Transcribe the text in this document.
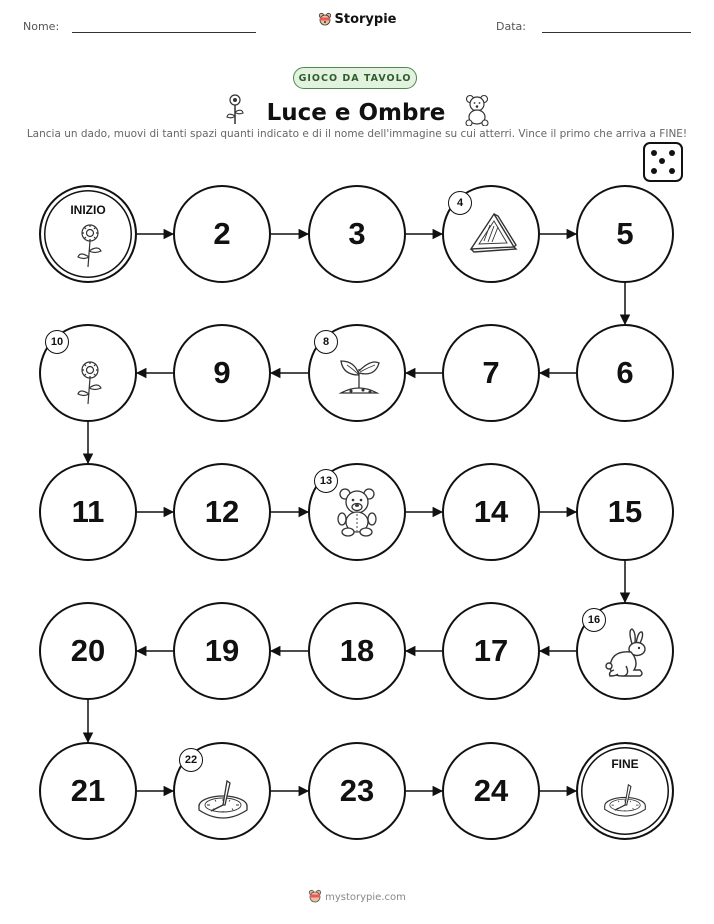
Nome:	Storypie	Data:
GIOCO DA TAVOLO
Luce e Ombre
Lancia un dado, muovi di tanti spazi quanti indicato e di il nome dell'immagine su cui atterri. Vince il primo che arriva a FINE!
INIZIO
2	3
4
5
6
7
8
9
10
11	12
13
14	15
16
17
18
19
20
21
22
23	24
FINE
mystorypie.com
